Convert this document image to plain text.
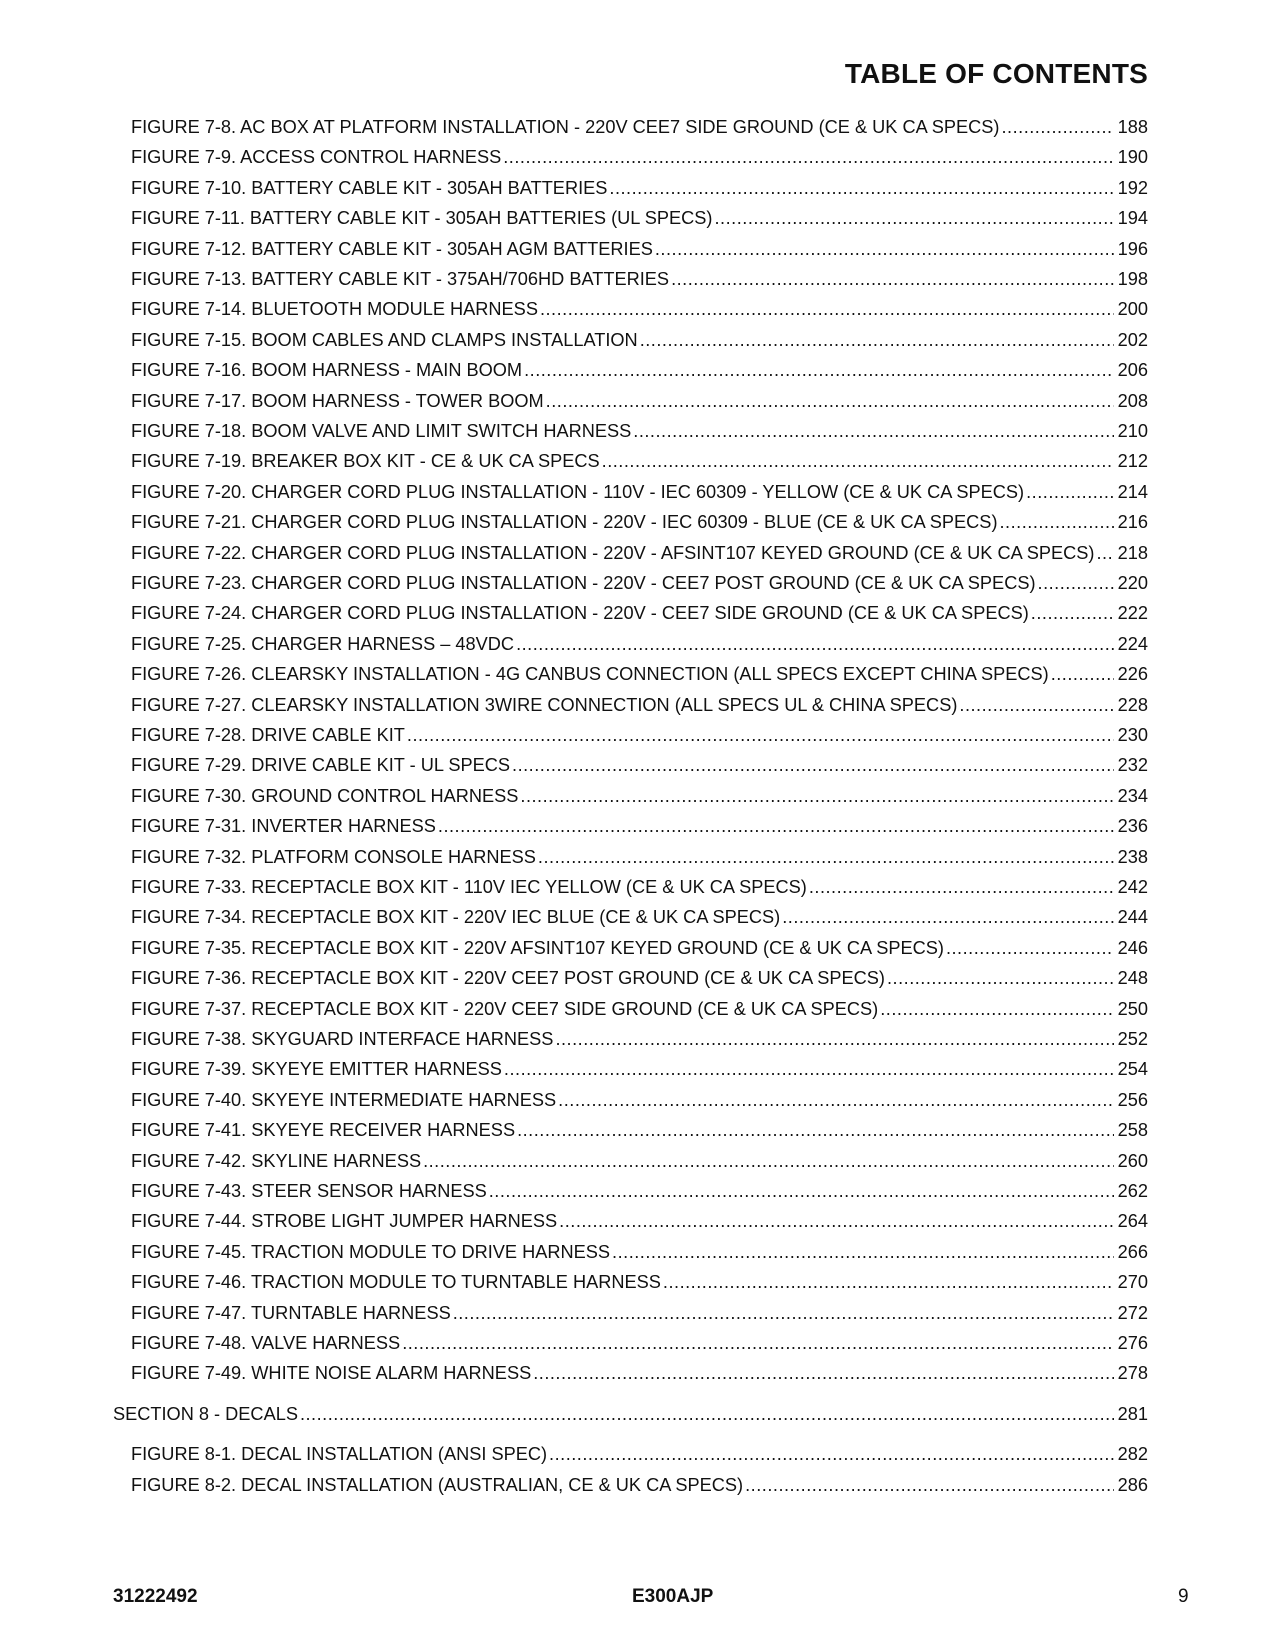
TABLE OF CONTENTS
FIGURE 7-8. AC BOX AT PLATFORM INSTALLATION - 220V CEE7 SIDE GROUND (CE & UK CA SPECS) .....	188
FIGURE 7-9. ACCESS CONTROL HARNESS .....	190
FIGURE 7-10. BATTERY CABLE KIT - 305AH BATTERIES .....	192
FIGURE 7-11. BATTERY CABLE KIT - 305AH BATTERIES (UL SPECS) .....	194
FIGURE 7-12. BATTERY CABLE KIT - 305AH AGM BATTERIES .....	196
FIGURE 7-13. BATTERY CABLE KIT - 375AH/706HD BATTERIES .....	198
FIGURE 7-14. BLUETOOTH MODULE HARNESS .....	200
FIGURE 7-15. BOOM CABLES AND CLAMPS INSTALLATION .....	202
FIGURE 7-16. BOOM HARNESS - MAIN BOOM .....	206
FIGURE 7-17. BOOM HARNESS - TOWER BOOM .....	208
FIGURE 7-18. BOOM VALVE AND LIMIT SWITCH HARNESS .....	210
FIGURE 7-19. BREAKER BOX KIT - CE & UK CA SPECS .....	212
FIGURE 7-20. CHARGER CORD PLUG INSTALLATION - 110V - IEC 60309 - YELLOW (CE & UK CA SPECS) .....	214
FIGURE 7-21. CHARGER CORD PLUG INSTALLATION - 220V - IEC 60309 - BLUE (CE & UK CA SPECS) .....	216
FIGURE 7-22. CHARGER CORD PLUG INSTALLATION - 220V - AFSINT107 KEYED GROUND (CE & UK CA SPECS) ..... 218
FIGURE 7-23. CHARGER CORD PLUG INSTALLATION - 220V - CEE7 POST GROUND (CE & UK CA SPECS) .....	220
FIGURE 7-24. CHARGER CORD PLUG INSTALLATION - 220V - CEE7 SIDE GROUND (CE & UK CA SPECS) .....	222
FIGURE 7-25. CHARGER HARNESS – 48VDC .....	224
FIGURE 7-26. CLEARSKY INSTALLATION - 4G CANBUS CONNECTION (ALL SPECS EXCEPT CHINA SPECS) .....	226
FIGURE 7-27. CLEARSKY INSTALLATION 3WIRE CONNECTION (ALL SPECS UL & CHINA SPECS) .....	228
FIGURE 7-28. DRIVE CABLE KIT .....	230
FIGURE 7-29. DRIVE CABLE KIT - UL SPECS .....	232
FIGURE 7-30. GROUND CONTROL HARNESS .....	234
FIGURE 7-31. INVERTER HARNESS .....	236
FIGURE 7-32. PLATFORM CONSOLE HARNESS .....	238
FIGURE 7-33. RECEPTACLE BOX KIT - 110V IEC YELLOW (CE & UK CA SPECS) .....	242
FIGURE 7-34. RECEPTACLE BOX KIT - 220V IEC BLUE (CE & UK CA SPECS) .....	244
FIGURE 7-35. RECEPTACLE BOX KIT - 220V AFSINT107 KEYED GROUND (CE & UK CA SPECS) .....	246
FIGURE 7-36. RECEPTACLE BOX KIT - 220V CEE7 POST GROUND (CE & UK CA SPECS) .....	248
FIGURE 7-37. RECEPTACLE BOX KIT - 220V CEE7 SIDE GROUND (CE & UK CA SPECS) .....	250
FIGURE 7-38. SKYGUARD INTERFACE HARNESS .....	252
FIGURE 7-39. SKYEYE EMITTER HARNESS .....	254
FIGURE 7-40. SKYEYE INTERMEDIATE HARNESS .....	256
FIGURE 7-41. SKYEYE RECEIVER HARNESS .....	258
FIGURE 7-42. SKYLINE HARNESS .....	260
FIGURE 7-43. STEER SENSOR HARNESS .....	262
FIGURE 7-44. STROBE LIGHT JUMPER HARNESS .....	264
FIGURE 7-45. TRACTION MODULE TO DRIVE HARNESS .....	266
FIGURE 7-46. TRACTION MODULE TO TURNTABLE HARNESS .....	270
FIGURE 7-47. TURNTABLE HARNESS .....	272
FIGURE 7-48. VALVE HARNESS .....	276
FIGURE 7-49. WHITE NOISE ALARM HARNESS .....	278
SECTION 8 - DECALS .....	281
FIGURE 8-1. DECAL INSTALLATION (ANSI SPEC) .....	282
FIGURE 8-2. DECAL INSTALLATION (AUSTRALIAN, CE & UK CA SPECS) .....	286
31222492	E300AJP	9
